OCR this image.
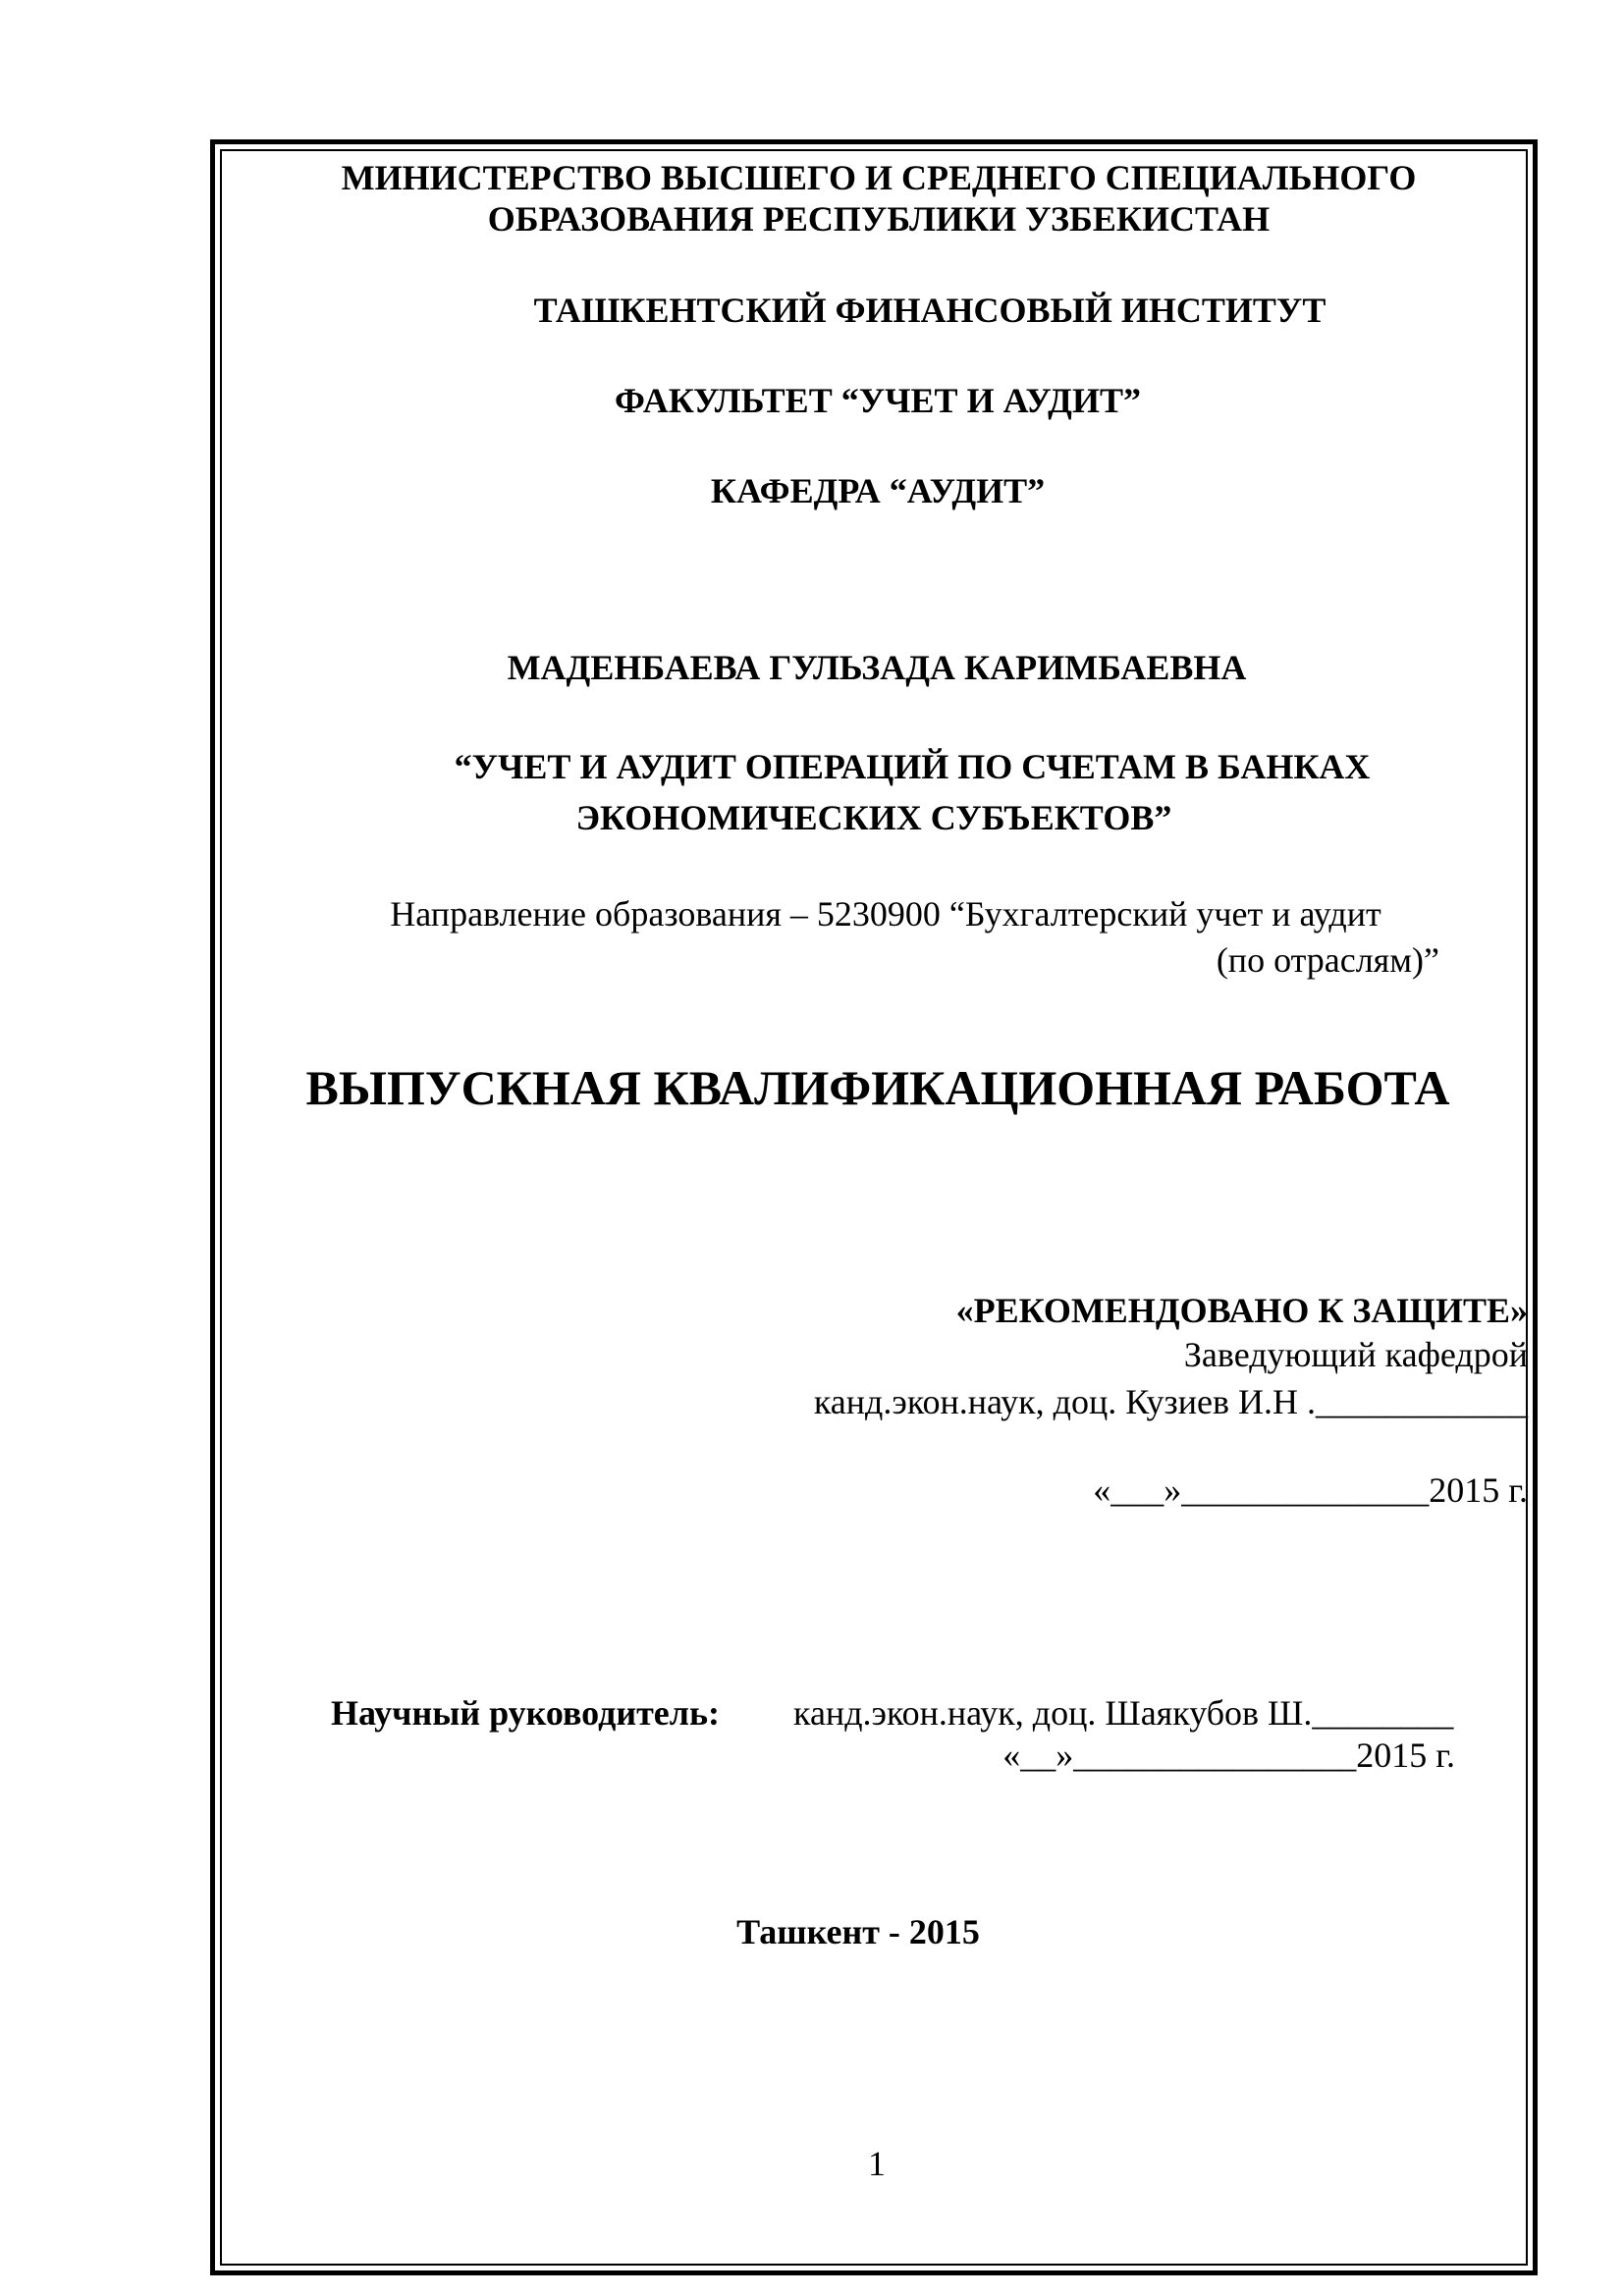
МИНИСТЕРСТВО ВЫСШЕГО И СРЕДНЕГО СПЕЦИАЛЬНОГО
ОБРАЗОВАНИЯ РЕСПУБЛИКИ УЗБЕКИСТАН
ТАШКЕНТСКИЙ ФИНАНСОВЫЙ ИНСТИТУТ
ФАКУЛЬТЕТ “УЧЕТ И АУДИТ”
КАФЕДРА “АУДИТ”
МАДЕНБАЕВА ГУЛЬЗАДА КАРИМБАЕВНА
“УЧЕТ И АУДИТ ОПЕРАЦИЙ ПО СЧЕТАМ В БАНКАХ
ЭКОНОМИЧЕСКИХ СУБЪЕКТОВ”
Направление образования – 5230900 “Бухгалтерский учет и аудит
(по отраслям)”
ВЫПУСКНАЯ КВАЛИФИКАЦИОННАЯ РАБОТА
«РЕКОМЕНДОВАНО К ЗАЩИТЕ»
Заведующий кафедрой
канд.экон.наук, доц. Кузиев И.Н .____________
«___»______________2015 г.
Научный руководитель: канд.экон.наук, доц. Шаякубов Ш.________
«__»________________2015 г.
Ташкент - 2015
1
